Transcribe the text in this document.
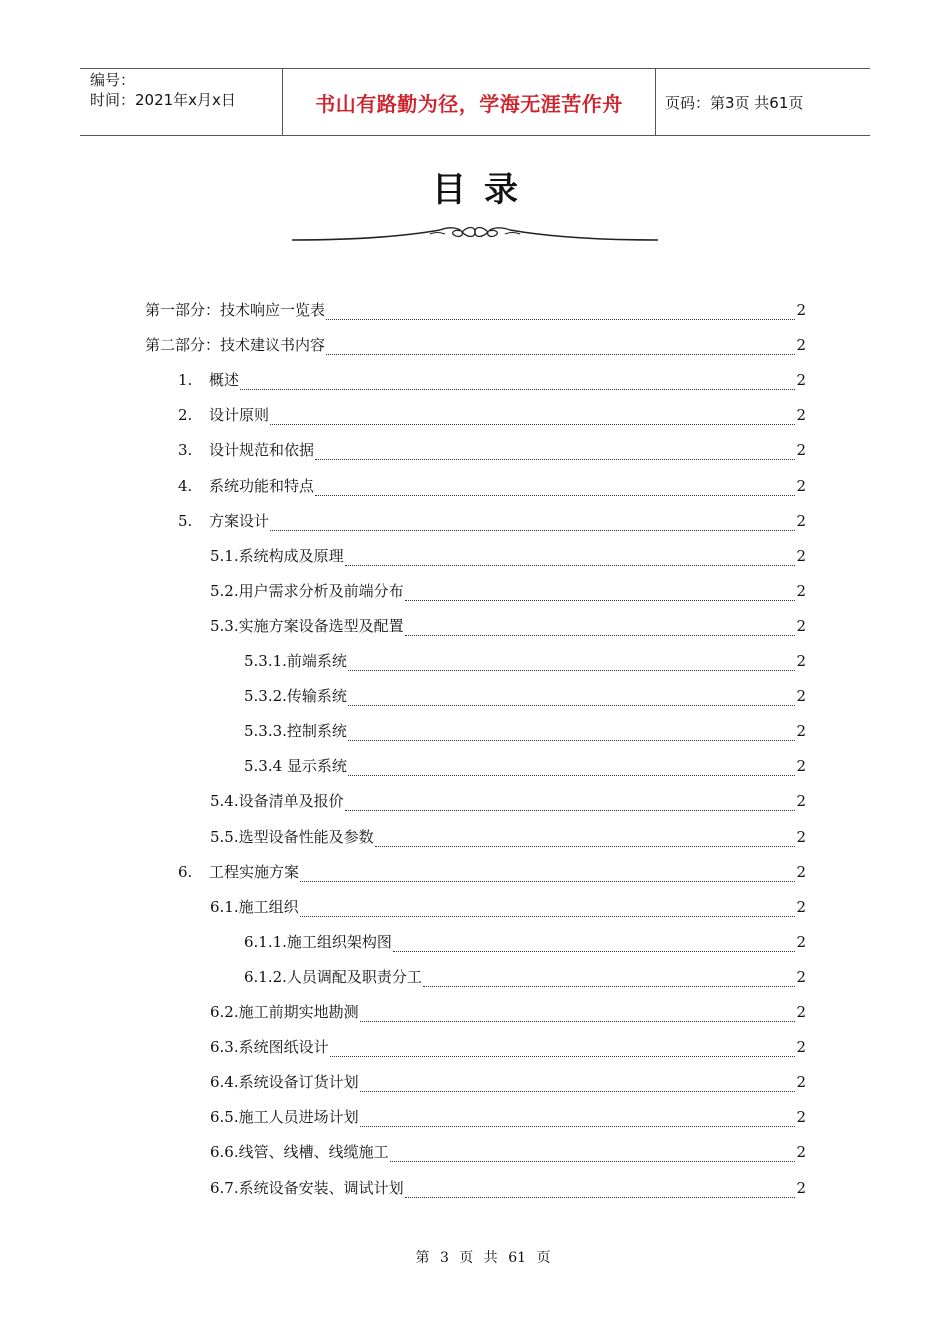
编号：
时间：2021年x月x日	书山有路勤为径，学海无涯苦作舟	页码：第3页 共61页
目录
第一部分：技术响应一览表	2
第二部分：技术建议书内容	2
1.	概述	2
2.	设计原则	2
3.	设计规范和依据	2
4.	系统功能和特点	2
5.	方案设计	2
5.1.系统构成及原理	2
5.2.用户需求分析及前端分布	2
5.3.实施方案设备选型及配置	2
5.3.1.前端系统	2
5.3.2.传输系统	2
5.3.3.控制系统	2
5.3.4 显示系统	2
5.4.设备清单及报价	2
5.5.选型设备性能及参数	2
6.	工程实施方案	2
6.1.施工组织	2
6.1.1.施工组织架构图	2
6.1.2.人员调配及职责分工	2
6.2.施工前期实地勘测	2
6.3.系统图纸设计	2
6.4.系统设备订货计划	2
6.5.施工人员进场计划	2
6.6.线管、线槽、线缆施工	2
6.7.系统设备安装、调试计划	2
第 3 页 共 61 页
